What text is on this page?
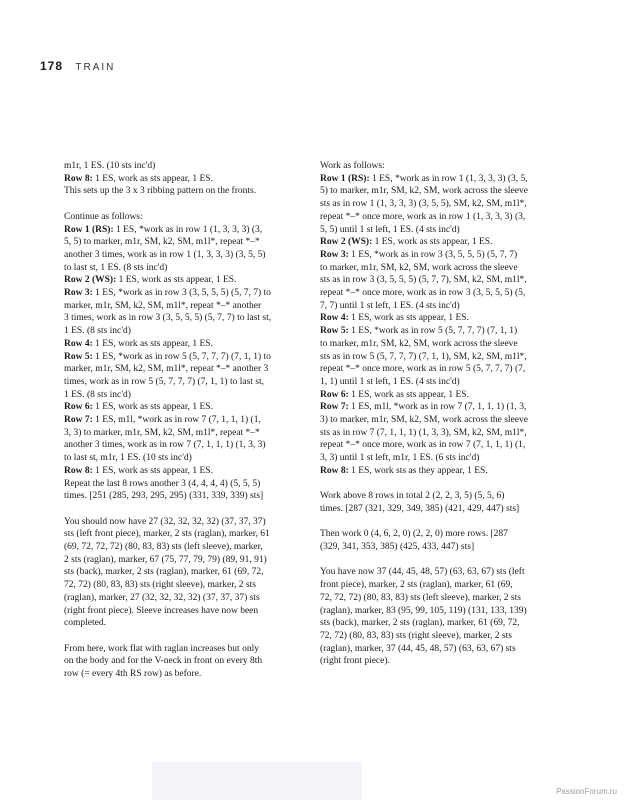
178 TRAIN

m1r, 1 ES. (10 sts inc'd)
Row 8: 1 ES, work as sts appear, 1 ES.
This sets up the 3 x 3 ribbing pattern on the fronts.

Continue as follows:
Row 1 (RS): 1 ES, *work as in row 1 (1, 3, 3, 3) (3,
5, 5) to marker, m1r, SM, k2, SM, m1l*, repeat *–*
another 3 times, work as in row 1 (1, 3, 3, 3) (3, 5, 5)
to last st, 1 ES. (8 sts inc'd)
Row 2 (WS): 1 ES, work as sts appear, 1 ES.
Row 3: 1 ES, *work as in row 3 (3, 5, 5, 5) (5, 7, 7) to
marker, m1r, SM, k2, SM, m1l*, repeat *–* another
3 times, work as in row 3 (3, 5, 5, 5) (5, 7, 7) to last st,
1 ES. (8 sts inc'd)
Row 4: 1 ES, work as sts appear, 1 ES.
Row 5: 1 ES, *work as in row 5 (5, 7, 7, 7) (7, 1, 1) to
marker, m1r, SM, k2, SM, m1l*, repeat *–* another 3
times, work as in row 5 (5, 7, 7, 7) (7, 1, 1) to last st,
1 ES. (8 sts inc'd)
Row 6: 1 ES, work as sts appear, 1 ES.
Row 7: 1 ES, m1l, *work as in row 7 (7, 1, 1, 1) (1,
3, 3) to marker, m1r, SM, k2, SM, m1l*, repeat *–*
another 3 times, work as in row 7 (7, 1, 1, 1) (1, 3, 3)
to last st, m1r, 1 ES. (10 sts inc'd)
Row 8: 1 ES, work as sts appear, 1 ES.
Repeat the last 8 rows another 3 (4, 4, 4, 4) (5, 5, 5)
times. [251 (285, 293, 295, 295) (331, 339, 339) sts]

You should now have 27 (32, 32, 32, 32) (37, 37, 37)
sts (left front piece), marker, 2 sts (raglan), marker, 61
(69, 72, 72, 72) (80, 83, 83) sts (left sleeve), marker,
2 sts (raglan), marker, 67 (75, 77, 79, 79) (89, 91, 91)
sts (back), marker, 2 sts (raglan), marker, 61 (69, 72,
72, 72) (80, 83, 83) sts (right sleeve), marker, 2 sts
(raglan), marker, 27 (32, 32, 32, 32) (37, 37, 37) sts
(right front piece). Sleeve increases have now been
completed.

From here, work flat with raglan increases but only
on the body and for the V-neck in front on every 8th
row (= every 4th RS row) as before.

Work as follows:
Row 1 (RS): 1 ES, *work as in row 1 (1, 3, 3, 3) (3, 5,
5) to marker, m1r, SM, k2, SM, work across the sleeve
sts as in row 1 (1, 3, 3, 3) (3, 5, 5), SM, k2, SM, m1l*,
repeat *–* once more, work as in row 1 (1, 3, 3, 3) (3,
5, 5) until 1 st left, 1 ES. (4 sts inc'd)
Row 2 (WS): 1 ES, work as sts appear, 1 ES.
Row 3: 1 ES, *work as in row 3 (3, 5, 5, 5) (5, 7, 7)
to marker, m1r, SM, k2, SM, work across the sleeve
sts as in row 3 (3, 5, 5, 5) (5, 7, 7), SM, k2, SM, m1l*,
repeat *–* once more, work as in row 3 (3, 5, 5, 5) (5,
7, 7) until 1 st left, 1 ES. (4 sts inc'd)
Row 4: 1 ES, work as sts appear, 1 ES.
Row 5: 1 ES, *work as in row 5 (5, 7, 7, 7) (7, 1, 1)
to marker, m1r, SM, k2, SM, work across the sleeve
sts as in row 5 (5, 7, 7, 7) (7, 1, 1), SM, k2, SM, m1l*,
repeat *–* once more, work as in row 5 (5, 7, 7, 7) (7,
1, 1) until 1 st left, 1 ES. (4 sts inc'd)
Row 6: 1 ES, work as sts appear, 1 ES.
Row 7: 1 ES, m1l, *work as in row 7 (7, 1, 1, 1) (1, 3,
3) to marker, m1r, SM, k2, SM, work across the sleeve
sts as in row 7 (7, 1, 1, 1) (1, 3, 3), SM, k2, SM, m1l*,
repeat *–* once more, work as in row 7 (7, 1, 1, 1) (1,
3, 3) until 1 st left, m1r, 1 ES. (6 sts inc'd)
Row 8: 1 ES, work sts as they appear, 1 ES.

Work above 8 rows in total 2 (2, 2, 3, 5) (5, 5, 6)
times. [287 (321, 329, 349, 385) (421, 429, 447) sts]

Then work 0 (4, 6, 2, 0) (2, 2, 0) more rows. [287
(329, 341, 353, 385) (425, 433, 447) sts]

You have now 37 (44, 45, 48, 57) (63, 63, 67) sts (left
front piece), marker, 2 sts (raglan), marker, 61 (69,
72, 72, 72) (80, 83, 83) sts (left sleeve), marker, 2 sts
(raglan), marker, 83 (95, 99, 105, 119) (131, 133, 139)
sts (back), marker, 2 sts (raglan), marker, 61 (69, 72,
72, 72) (80, 83, 83) sts (right sleeve), marker, 2 sts
(raglan), marker, 37 (44, 45, 48, 57) (63, 63, 67) sts
(right front piece).

PassionForum.ru
